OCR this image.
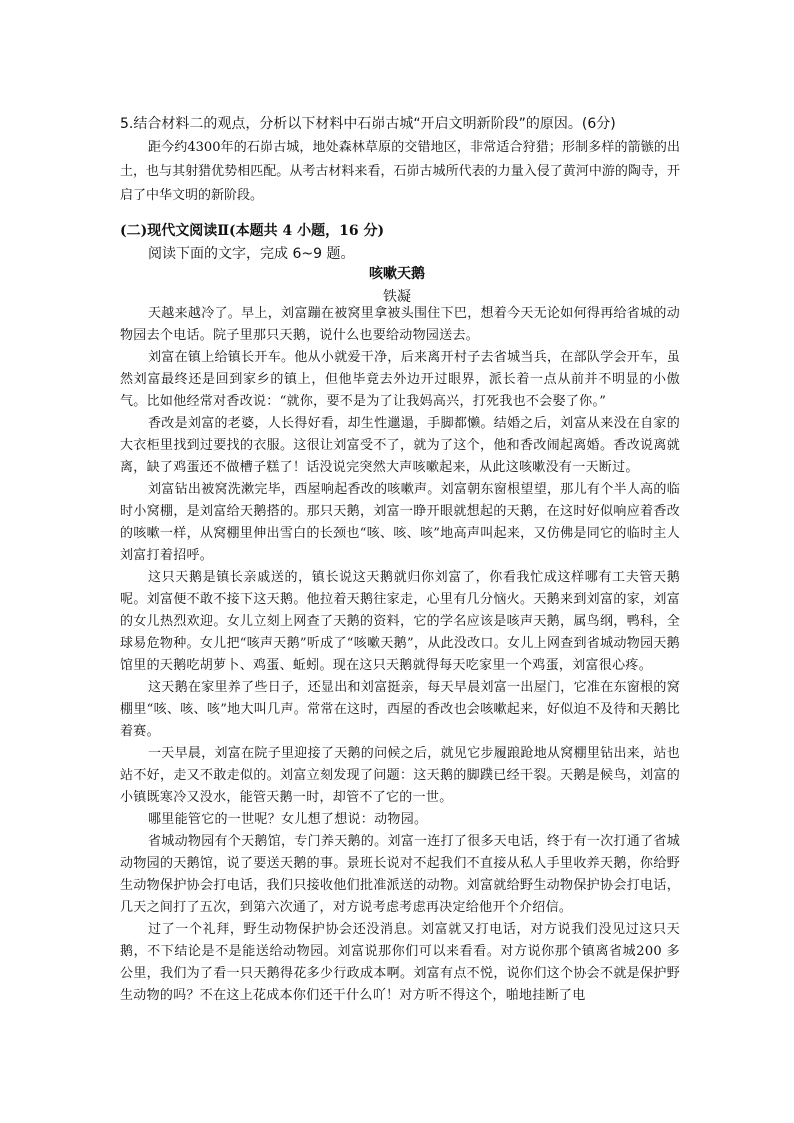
5.结合材料二的观点，分析以下材料中石峁古城“开启文明新阶段”的原因。(6分)
距今约4300年的石峁古城，地处森林草原的交错地区，非常适合狩猎；形制多样的箭镞的出土，也与其射猎优势相匹配。从考古材料来看，石峁古城所代表的力量入侵了黄河中游的陶寺，开启了中华文明的新阶段。
(二)现代文阅读Ⅱ(本题共 4 小题，16 分)
阅读下面的文字，完成 6~9 题。
咳嗽天鹅
铁凝

天越来越冷了。早上，刘富蹦在被窝里拿被头围住下巴，想着今天无论如何得再给省城的动物园去个电话。院子里那只天鹅，说什么也要给动物园送去。

刘富在镇上给镇长开车。他从小就爱干净，后来离开村子去省城当兵，在部队学会开车，虽然刘富最终还是回到家乡的镇上，但他毕竟去外边开过眼界，派长着一点从前并不明显的小傲气。比如他经常对香改说：“就你，要不是为了让我妈高兴，打死我也不会娶了你。”

香改是刘富的老婆，人长得好看，却生性邋遢，手脚都懒。结婚之后，刘富从来没在自家的大衣柜里找到过要找的衣服。这很让刘富受不了，就为了这个，他和香改闹起离婚。香改说离就离，缺了鸡蛋还不做槽子糕了！话没说完突然大声咳嗽起来，从此这咳嗽没有一天断过。

刘富钻出被窝洗漱完毕，西屋响起香改的咳嗽声。刘富朝东窗根望望，那儿有个半人高的临时小窝棚，是刘富给天鹅搭的。那只天鹅，刘富一睁开眼就想起的天鹅，在这时好似响应着香改的咳嗽一样，从窝棚里伸出雪白的长颈也“咳、咳、咳”地高声叫起来，又仿佛是同它的临时主人刘富打着招呼。

这只天鹅是镇长亲戚送的，镇长说这天鹅就归你刘富了，你看我忙成这样哪有工夫管天鹅呢。刘富便不敢不接下这天鹅。他拉着天鹅往家走，心里有几分恼火。天鹅来到刘富的家，刘富的女儿热烈欢迎。女儿立刻上网查了天鹅的资料，它的学名应该是咳声天鹅，属鸟纲，鸭科，全球易危物种。女儿把“咳声天鹅”听成了“咳嗽天鹅”，从此没改口。女儿上网查到省城动物园天鹅馆里的天鹅吃胡萝卜、鸡蛋、蚯蚓。现在这只天鹅就得每天吃家里一个鸡蛋，刘富很心疼。

这天鹅在家里养了些日子，还显出和刘富挺亲，每天早晨刘富一出屋门，它准在东窗根的窝棚里“咳、咳、咳”地大叫几声。常常在这时，西屋的香改也会咳嗽起来，好似迫不及待和天鹅比着赛。

一天早晨，刘富在院子里迎接了天鹅的问候之后，就见它步履踉跄地从窝棚里钻出来，站也站不好，走又不敢走似的。刘富立刻发现了问题：这天鹅的脚蹼已经干裂。天鹅是候鸟，刘富的小镇既寒冷又没水，能管天鹅一时，却管不了它的一世。

哪里能管它的一世呢？女儿想了想说：动物园。

省城动物园有个天鹅馆，专门养天鹅的。刘富一连打了很多天电话，终于有一次打通了省城动物园的天鹅馆，说了要送天鹅的事。景班长说对不起我们不直接从私人手里收养天鹅，你给野生动物保护协会打电话，我们只接收他们批准派送的动物。刘富就给野生动物保护协会打电话，几天之间打了五次，到第六次通了，对方说考虑考虑再决定给他开个介绍信。

过了一个礼拜，野生动物保护协会还没消息。刘富就又打电话，对方说我们没见过这只天鹅，不下结论是不是能送给动物园。刘富说那你们可以来看看。对方说你那个镇离省城200 多公里，我们为了看一只天鹅得花多少行政成本啊。刘富有点不悦，说你们这个协会不就是保护野生动物的吗？不在这上花成本你们还干什么吖！对方听不得这个，啪地挂断了电
